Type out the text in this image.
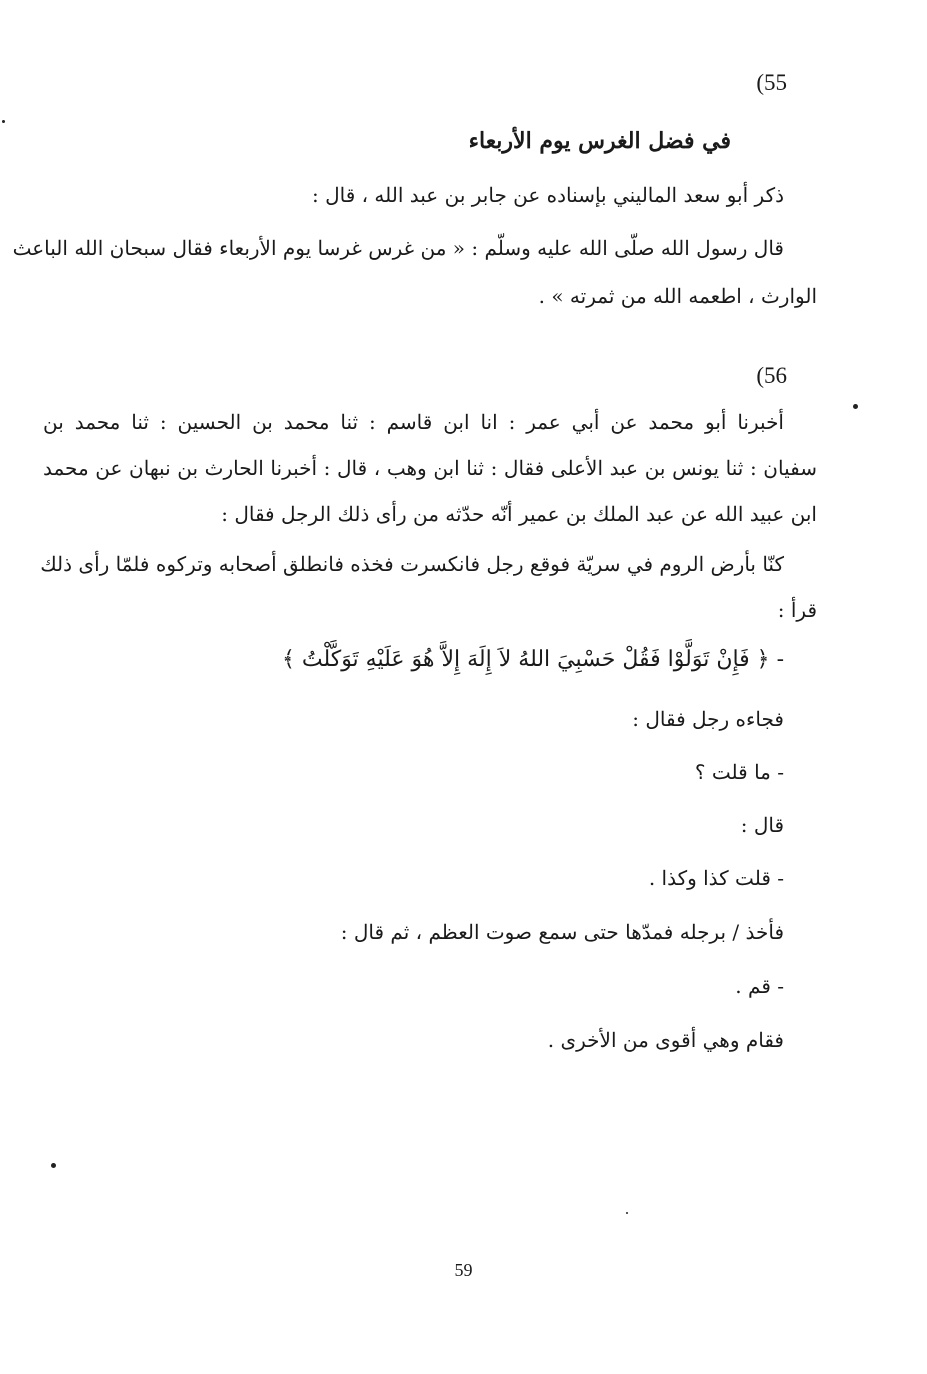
(55
في فضل الغرس يوم الأربعاء
ذكر أبو سعد الماليني بإسناده عن جابر بن عبد الله ، قال :
قال رسول الله صلّى الله عليه وسلّم : « من غرس غرسا يوم الأربعاء فقال سبحان الله الباعث
الوارث ، اطعمه الله من ثمرته » .
(56
أخبرنا أبو محمد عن أبي عمر : انا ابن قاسم : ثنا محمد بن الحسين : ثنا محمد بن
سفيان : ثنا يونس بن عبد الأعلى فقال : ثنا ابن وهب ، قال : أخبرنا الحارث بن نبهان عن محمد
ابن عبيد الله عن عبد الملك بن عمير أنّه حدّثه من رأى ذلك الرجل فقال :
كنّا بأرض الروم في سريّة فوقع رجل فانكسرت فخذه فانطلق أصحابه وتركوه فلمّا رأى ذلك
قرأ :
- ﴿ فَإِنْ تَوَلَّوْا فَقُلْ حَسْبِيَ اللهُ لاَ إِلَهَ إِلاَّ هُوَ عَلَيْهِ تَوَكَّلْتُ ﴾
فجاءه رجل فقال :
- ما قلت ؟
قال :
- قلت كذا وكذا .
فأخذ / برجله فمدّها حتى سمع صوت العظم ، ثم قال :
- قم .
فقام وهي أقوى من الأخرى .
59
